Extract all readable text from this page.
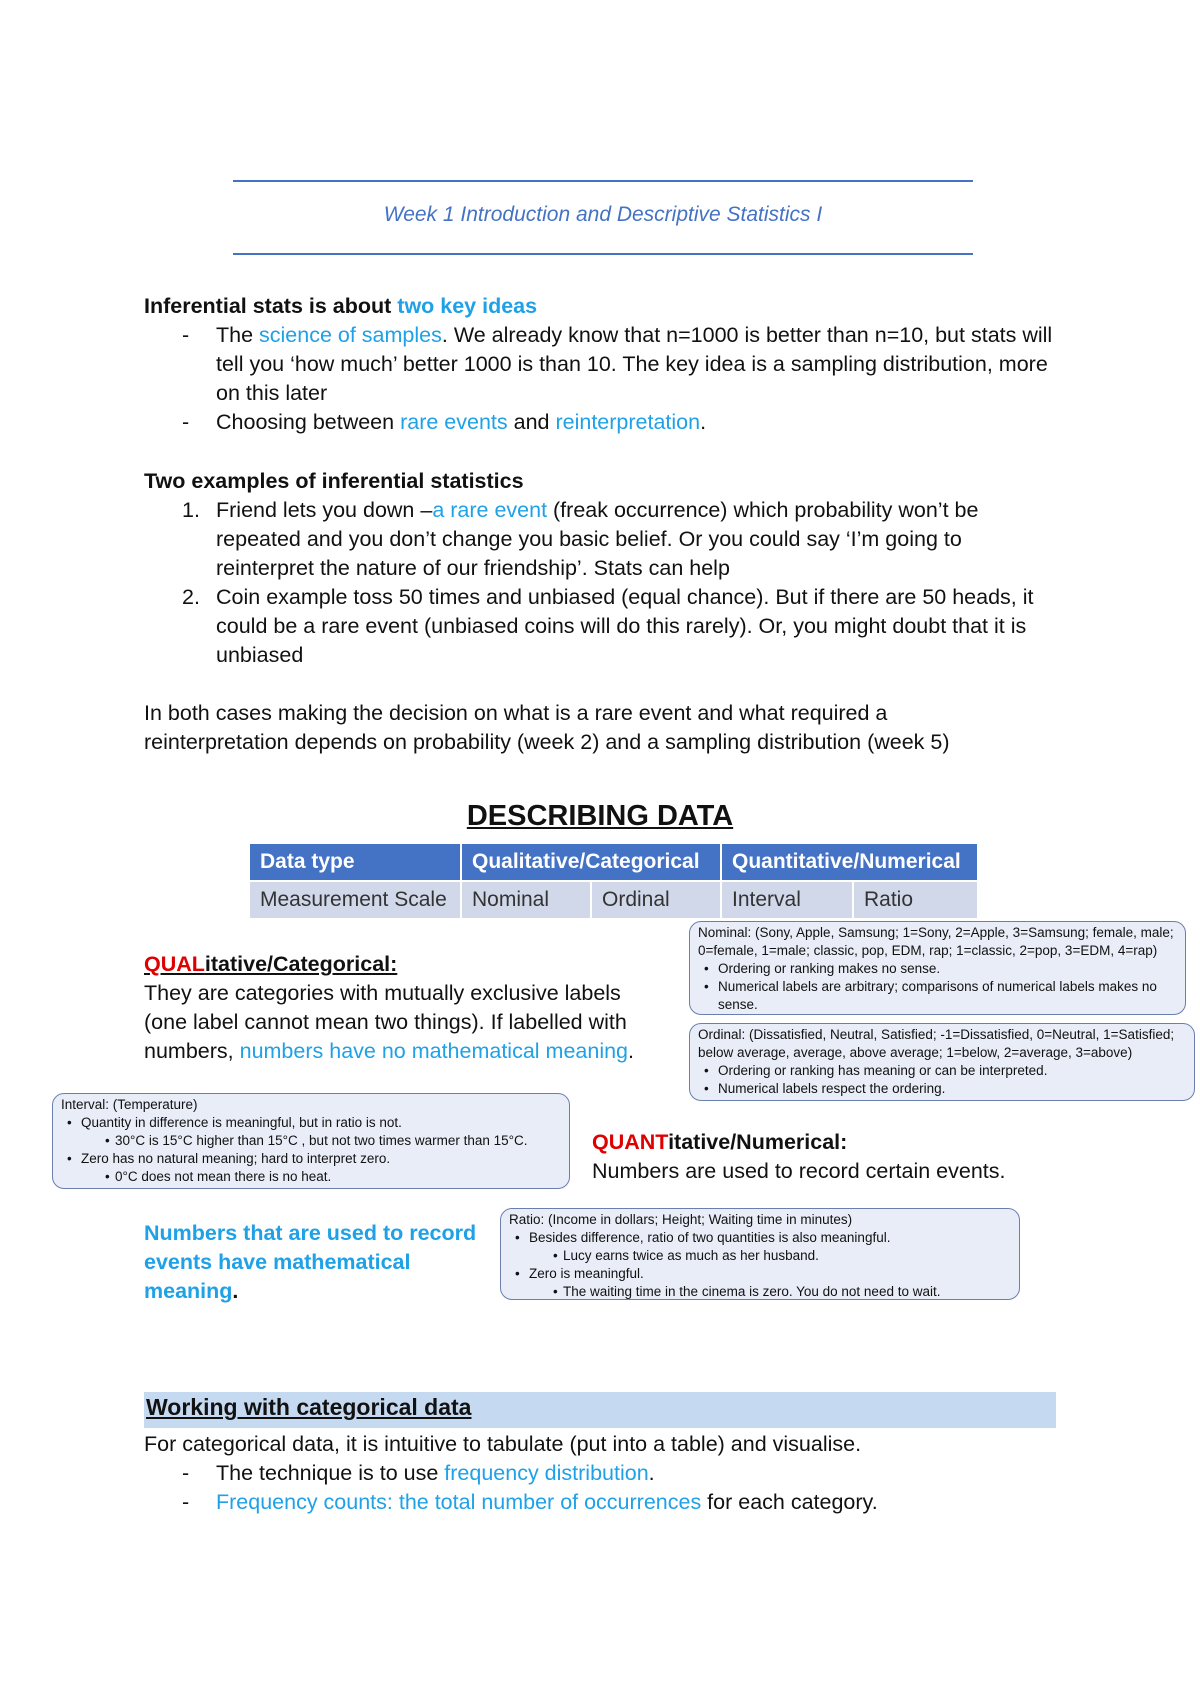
Week 1 Introduction and Descriptive Statistics I
Inferential stats is about two key ideas
- The science of samples. We already know that n=1000 is better than n=10, but stats will tell you ‘how much’ better 1000 is than 10. The key idea is a sampling distribution, more on this later
- Choosing between rare events and reinterpretation.
Two examples of inferential statistics
1. Friend lets you down –a rare event (freak occurrence) which probability won’t be repeated and you don’t change you basic belief. Or you could say ‘I’m going to reinterpret the nature of our friendship’. Stats can help
2. Coin example toss 50 times and unbiased (equal chance). But if there are 50 heads, it could be a rare event (unbiased coins will do this rarely). Or, you might doubt that it is unbiased
In both cases making the decision on what is a rare event and what required a reinterpretation depends on probability (week 2) and a sampling distribution (week 5)
DESCRIBING DATA
Data type	Qualitative/Categorical		Quantitative/Numerical	
Measurement Scale	Nominal	Ordinal	Interval	Ratio
QUALitative/Categorical:
They are categories with mutually exclusive labels (one label cannot mean two things). If labelled with numbers, numbers have no mathematical meaning.
Nominal: (Sony, Apple, Samsung; 1=Sony, 2=Apple, 3=Samsung; female, male; 0=female, 1=male; classic, pop, EDM, rap; 1=classic, 2=pop, 3=EDM, 4=rap)
• Ordering or ranking makes no sense.
• Numerical labels are arbitrary; comparisons of numerical labels makes no sense.
Ordinal: (Dissatisfied, Neutral, Satisfied; -1=Dissatisfied, 0=Neutral, 1=Satisfied; below average, average, above average; 1=below, 2=average, 3=above)
• Ordering or ranking has meaning or can be interpreted.
• Numerical labels respect the ordering.
Interval: (Temperature)
• Quantity in difference is meaningful, but in ratio is not.
• 30°C is 15°C higher than 15°C , but not two times warmer than 15°C.
• Zero has no natural meaning; hard to interpret zero.
• 0°C does not mean there is no heat.
QUANTitative/Numerical:
Numbers are used to record certain events.
Numbers that are used to record events have mathematical meaning.
Ratio: (Income in dollars; Height; Waiting time in minutes)
• Besides difference, ratio of two quantities is also meaningful.
• Lucy earns twice as much as her husband.
• Zero is meaningful.
• The waiting time in the cinema is zero. You do not need to wait.
Working with categorical data
For categorical data, it is intuitive to tabulate (put into a table) and visualise.
- The technique is to use frequency distribution.
- Frequency counts: the total number of occurrences for each category.
